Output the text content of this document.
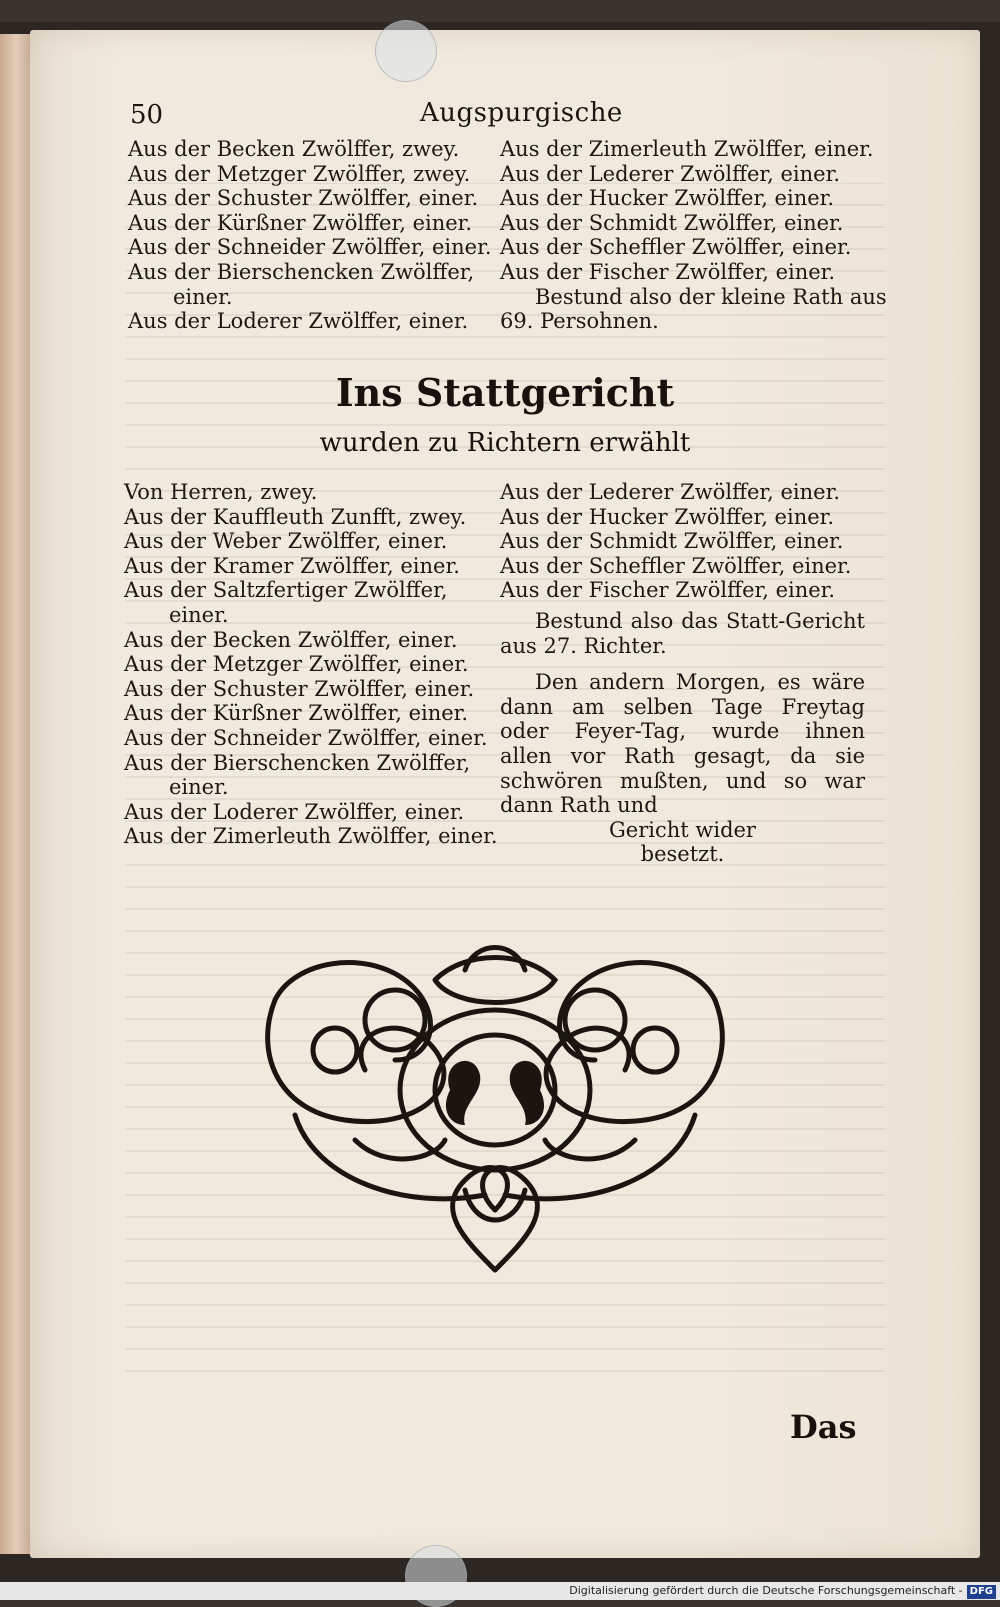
50	Augspurgische
Aus der Becken Zwölffer, zwey.
Aus der Metzger Zwölffer, zwey.
Aus der Schuster Zwölffer, einer.
Aus der Kürßner Zwölffer, einer.
Aus der Schneider Zwölffer, einer.
Aus der Bierschencken Zwölffer,
einer.
Aus der Loderer Zwölffer, einer.
Aus der Zimerleuth Zwölffer, einer.
Aus der Lederer Zwölffer, einer.
Aus der Hucker Zwölffer, einer.
Aus der Schmidt Zwölffer, einer.
Aus der Scheffler Zwölffer, einer.
Aus der Fischer Zwölffer, einer.
Bestund also der kleine Rath aus
69. Persohnen.
Ins Stattgericht
wurden zu Richtern erwählt
Von Herren, zwey.
Aus der Kauffleuth Zunfft, zwey.
Aus der Weber Zwölffer, einer.
Aus der Kramer Zwölffer, einer.
Aus der Saltzfertiger Zwölffer,
einer.
Aus der Becken Zwölffer, einer.
Aus der Metzger Zwölffer, einer.
Aus der Schuster Zwölffer, einer.
Aus der Kürßner Zwölffer, einer.
Aus der Schneider Zwölffer, einer.
Aus der Bierschencken Zwölffer,
einer.
Aus der Loderer Zwölffer, einer.
Aus der Zimerleuth Zwölffer, einer.
Aus der Lederer Zwölffer, einer.
Aus der Hucker Zwölffer, einer.
Aus der Schmidt Zwölffer, einer.
Aus der Scheffler Zwölffer, einer.
Aus der Fischer Zwölffer, einer.
Bestund also das Statt-Gericht aus 27. Richter.
Den andern Morgen, es wäre dann am selben Tage Freytag oder Feyer-Tag, wurde ihnen allen vor Rath gesagt, da sie schwören mußten, und so war dann Rath und
Gericht wider
besetzt.
Das
Digitalisierung gefördert durch die Deutsche Forschungsgemeinschaft - DFG
